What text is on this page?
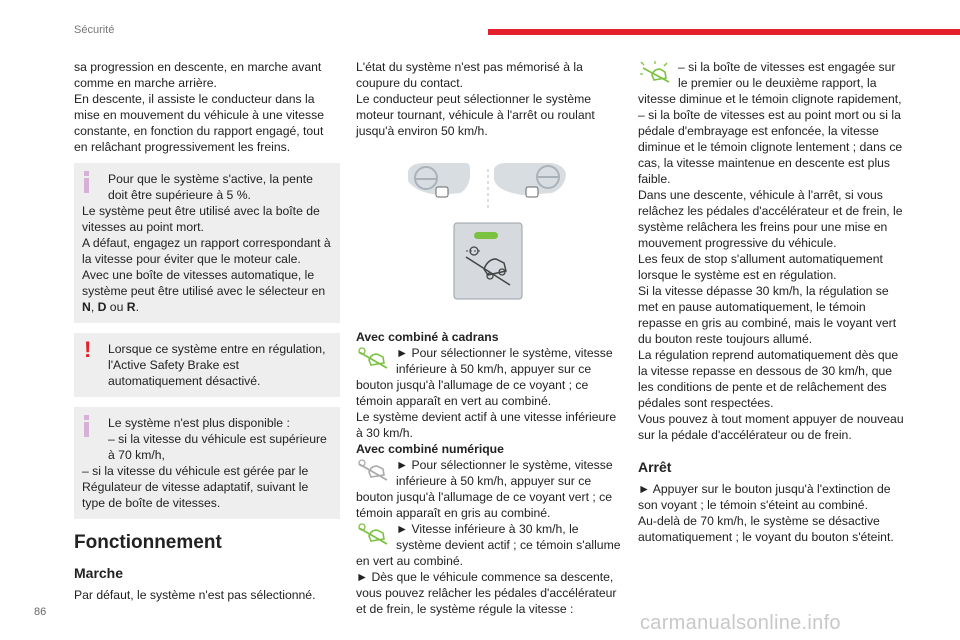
Sécurité

sa progression en descente, en marche avant comme en marche arrière.

En descente, il assiste le conducteur dans la mise en mouvement du véhicule à une vitesse constante, en fonction du rapport engagé, tout en relâchant progressivement les freins.

Pour que le système s'active, la pente doit être supérieure à 5 %.

Le système peut être utilisé avec la boîte de vitesses au point mort.

A défaut, engagez un rapport correspondant à la vitesse pour éviter que le moteur cale.

Avec une boîte de vitesses automatique, le système peut être utilisé avec le sélecteur en N, D ou R.

!	Lorsque ce système entre en régulation, l'Active Safety Brake est automatiquement désactivé.

Le système n'est plus disponible :

– si la vitesse du véhicule est supérieure à 70 km/h,

– si la vitesse du véhicule est gérée par le Régulateur de vitesse adaptatif, suivant le type de boîte de vitesses.

Fonctionnement

Marche

Par défaut, le système n'est pas sélectionné.

L'état du système n'est pas mémorisé à la coupure du contact.

Le conducteur peut sélectionner le système moteur tournant, véhicule à l'arrêt ou roulant jusqu'à environ 50 km/h.

Avec combiné à cadrans

► Pour sélectionner le système, vitesse inférieure à 50 km/h, appuyer sur ce bouton jusqu'à l'allumage de ce voyant ; ce témoin apparaît en vert au combiné.

Le système devient actif à une vitesse inférieure à 30 km/h.

Avec combiné numérique

► Pour sélectionner le système, vitesse inférieure à 50 km/h, appuyer sur ce bouton jusqu'à l'allumage de ce voyant vert ; ce témoin apparaît en gris au combiné.

► Vitesse inférieure à 30 km/h, le système devient actif ; ce témoin s'allume en vert au combiné.

► Dès que le véhicule commence sa descente, vous pouvez relâcher les pédales d'accélérateur et de frein, le système régule la vitesse :

– si la boîte de vitesses est engagée sur le premier ou le deuxième rapport, la vitesse diminue et le témoin clignote rapidement,

– si la boîte de vitesses est au point mort ou si la pédale d'embrayage est enfoncée, la vitesse diminue et le témoin clignote lentement ; dans ce cas, la vitesse maintenue en descente est plus faible.

Dans une descente, véhicule à l'arrêt, si vous relâchez les pédales d'accélérateur et de frein, le système relâchera les freins pour une mise en mouvement progressive du véhicule.

Les feux de stop s'allument automatiquement lorsque le système est en régulation.

Si la vitesse dépasse 30 km/h, la régulation se met en pause automatiquement, le témoin repasse en gris au combiné, mais le voyant vert du bouton reste toujours allumé.

La régulation reprend automatiquement dès que la vitesse repasse en dessous de 30 km/h, que les conditions de pente et de relâchement des pédales sont respectées.

Vous pouvez à tout moment appuyer de nouveau sur la pédale d'accélérateur ou de frein.

Arrêt

► Appuyer sur le bouton jusqu'à l'extinction de son voyant ; le témoin s'éteint au combiné.

Au-delà de 70 km/h, le système se désactive automatiquement ; le voyant du bouton s'éteint.

86	carmanualsonline.info
